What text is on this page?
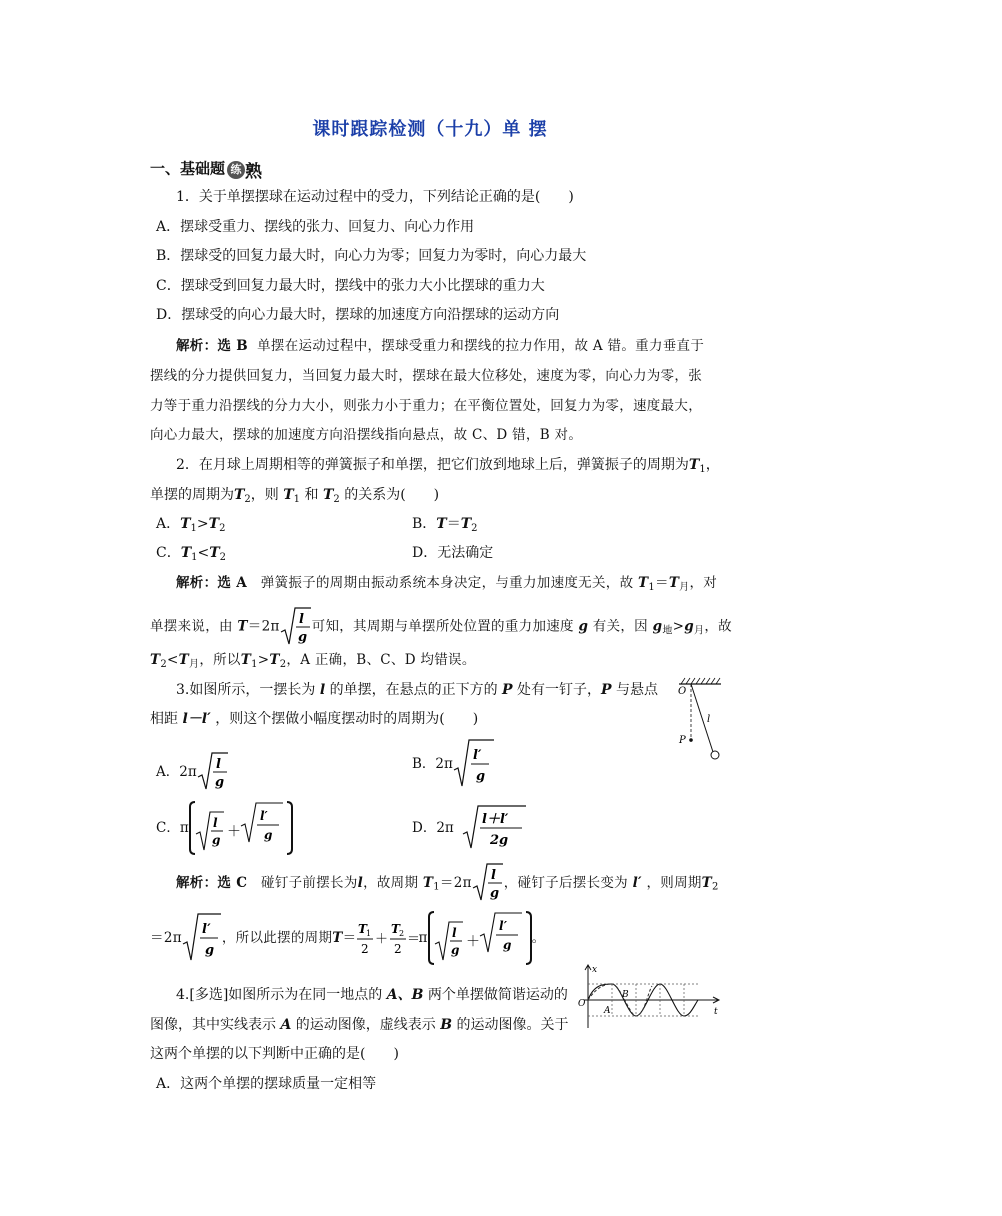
课时跟踪检测（十九）单 摆
一、基础题 练 熟
1．关于单摆摆球在运动过程中的受力，下列结论正确的是(　　)
A．摆球受重力、摆线的张力、回复力、向心力作用
B．摆球受的回复力最大时，向心力为零；回复力为零时，向心力最大
C．摆球受到回复力最大时，摆线中的张力大小比摆球的重力大
D．摆球受的向心力最大时，摆球的加速度方向沿摆球的运动方向
解析：选 B 单摆在运动过程中，摆球受重力和摆线的拉力作用，故 A 错。重力垂直于
摆线的分力提供回复力，当回复力最大时，摆球在最大位移处，速度为零，向心力为零，张
力等于重力沿摆线的分力大小，则张力小于重力；在平衡位置处，回复力为零，速度最大，
向心力最大，摆球的加速度方向沿摆线指向悬点，故 C、D 错，B 对。
2．在月球上周期相等的弹簧振子和单摆，把它们放到地球上后，弹簧振子的周期为$T_1$，
单摆的周期为$T_2$，则 $T_1$ 和 $T_2$ 的关系为(　　)
A．$T_1>T_2$	B．$T=T_2$
C．$T_1<T_2$	D．无法确定
解析：选 A 弹簧振子的周期由振动系统本身决定，与重力加速度无关，故 $T_1=T_月$，对
单摆来说，由 T＝2π l
g
可知，其周期与单摆所处位置的重力加速度 g 有关，因 $g_地>g_月$，故
$T_2<T_月$，所以$T_1>T_2$，A 正确，B、C、D 均错误。
3.如图所示，一摆长为 l 的单摆，在悬点的正下方的 P 处有一钉子，P 与悬点
相距 l－l′ ，则这个摆做小幅度摆动时的周期为(　　)
O
P
l
A．2π l
g
B．2π
l′
g
C．π l
g ＋
l′
g	D．2π
l＋l′
2g
解析：选 C 碰钉子前摆长为l，故周期 $T_1=2\pi$ l
g
，碰钉子后摆长变为 l′ ，则周期$T_2$
＝2π
l′
g
，所以此摆的周期T＝
T
1
2
＋
T
2
2
＝
π l
g ＋
l′
g 。
4.[多选]如图所示为在同一地点的 A、B 两个单摆做简谐运动的
图像，其中实线表示 A 的运动图像，虚线表示 B 的运动图像。关于
这两个单摆的以下判断中正确的是(　　)
A．这两个单摆的摆球质量一定相等
x
t
O
B
A
